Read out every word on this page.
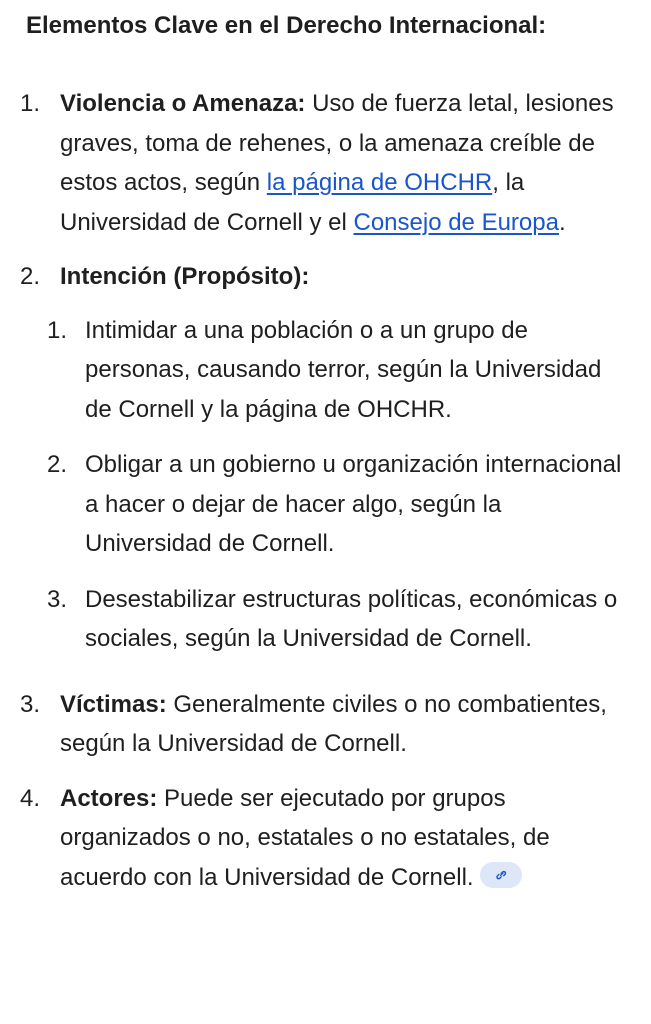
Elementos Clave en el Derecho Internacional:
1. Violencia o Amenaza: Uso de fuerza letal, lesiones graves, toma de rehenes, o la amenaza creíble de estos actos, según la página de OHCHR, la Universidad de Cornell y el Consejo de Europa.
2. Intención (Propósito):
1. Intimidar a una población o a un grupo de personas, causando terror, según la Universidad de Cornell y la página de OHCHR.
2. Obligar a un gobierno u organización internacional a hacer o dejar de hacer algo, según la Universidad de Cornell.
3. Desestabilizar estructuras políticas, económicas o sociales, según la Universidad de Cornell.
3. Víctimas: Generalmente civiles o no combatientes, según la Universidad de Cornell.
4. Actores: Puede ser ejecutado por grupos organizados o no, estatales o no estatales, de acuerdo con la Universidad de Cornell.
